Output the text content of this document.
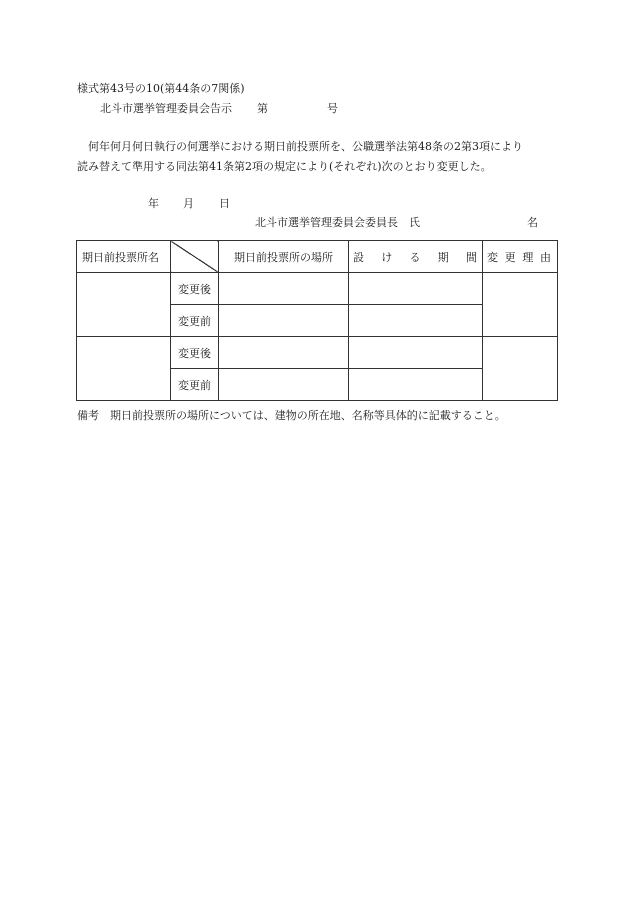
様式第43号の10(第44条の7関係)
北斗市選挙管理委員会告示 第	号
何年何月何日執行の何選挙における期日前投票所を、公職選挙法第48条の2第3項により
読み替えて準用する同法第41条第2項の規定により(それぞれ)次のとおり変更した。
年 月 日
北斗市選挙管理委員会委員長　氏	名
期日前投票所名		期日前投票所の場所	設 け る 期 間	変 更 理 由

	変更後			
	変更前			
	変更後			
	変更前			
備考　期日前投票所の場所については、建物の所在地、名称等具体的に記載すること。
